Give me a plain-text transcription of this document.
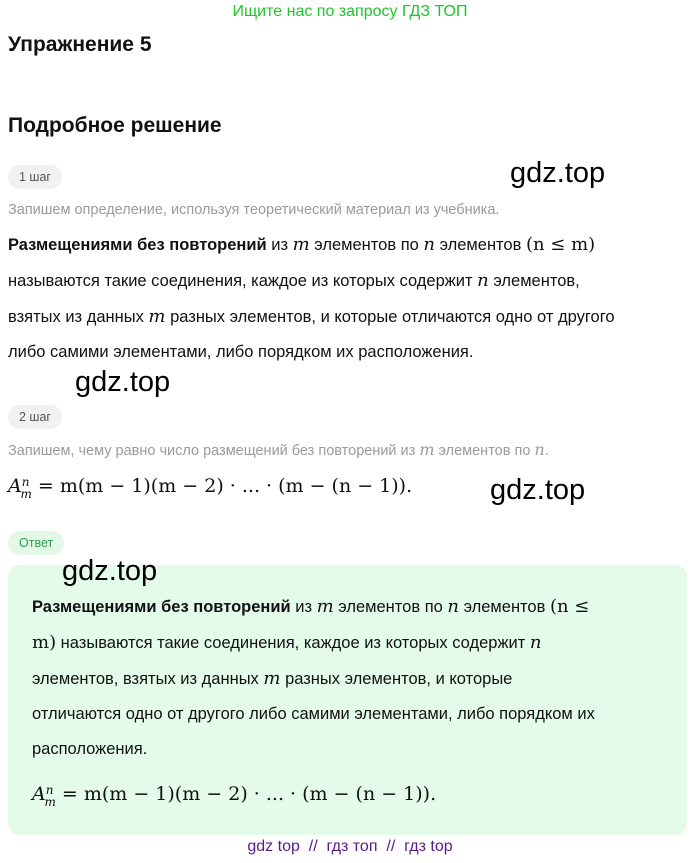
Ищите нас по запросу ГДЗ ТОП
Упражнение 5
Подробное решение
1 шаг	gdz.top
Запишем определение, используя теоретический материал из учебника.
Размещениями без повторений из m элементов по n элементов (n ≤ m)
называются такие соединения, каждое из которых содержит n элементов,
взятых из данных m разных элементов, и которые отличаются одно от другого
либо самими элементами, либо порядком их расположения.
gdz.top
2 шаг
Запишем, чему равно число размещений без повторений из m элементов по n.
$A^n_m = m(m - 1)(m - 2)$ · ... · (m − (n − 1)).	gdz.top
Ответ
gdz.top
Размещениями без повторений из m элементов по n элементов (n ≤
m) называются такие соединения, каждое из которых содержит n
элементов, взятых из данных m разных элементов, и которые
отличаются одно от другого либо самими элементами, либо порядком их
расположения.
$A^n_m = m(m - 1)(m - 2)$ · ... · (m − (n − 1)).
gdz top  //  гдз топ  //  гдз top
